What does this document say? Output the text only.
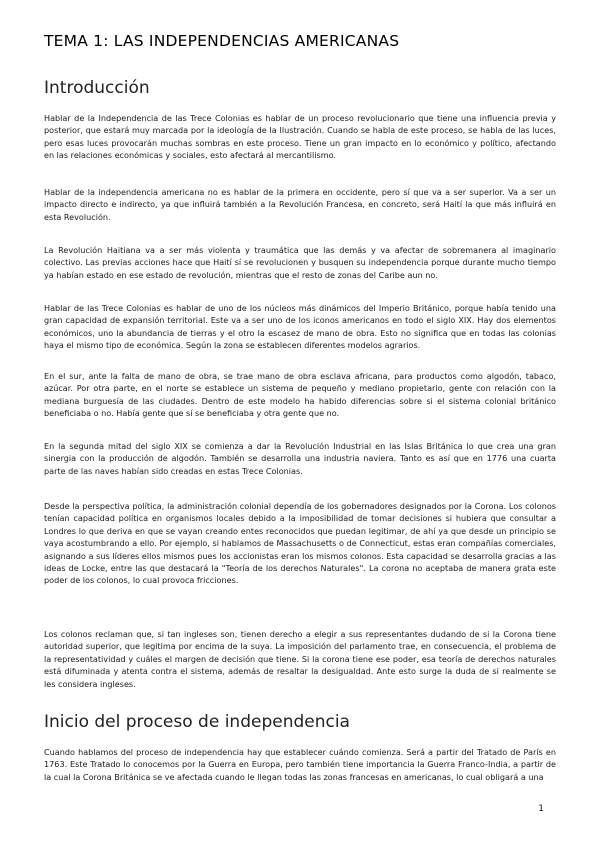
TEMA 1: LAS INDEPENDENCIAS AMERICANAS
Introducción

Hablar de la Independencia de las Trece Colonias es hablar de un proceso revolucionario que tiene una influencia previa y posterior, que estará muy marcada por la ideología de la Ilustración. Cuando se habla de este proceso, se habla de las luces, pero esas luces provocarán muchas sombras en este proceso. Tiene un gran impacto en lo económico y político, afectando en las relaciones económicas y sociales, esto afectará al mercantilismo.

Hablar de la independencia americana no es hablar de la primera en occidente, pero sí que va a ser superior. Va a ser un impacto directo e indirecto, ya que influirá también a la Revolución Francesa, en concreto, será Haití la que más influirá en esta Revolución.

La Revolución Haitiana va a ser más violenta y traumática que las demás y va afectar de sobremanera al imaginario colectivo. Las previas acciones hace que Haití sí se revolucionen y busquen su independencia porque durante mucho tiempo ya habían estado en ese estado de revolución, mientras que el resto de zonas del Caribe aun no.

Hablar de las Trece Colonias es hablar de uno de los núcleos más dinámicos del Imperio Británico, porque había tenido una gran capacidad de expansión territorial. Este va a ser uno de los iconos americanos en todo el siglo XIX. Hay dos elementos económicos, uno la abundancia de tierras y el otro la escasez de mano de obra. Esto no significa que en todas las colonias haya el mismo tipo de económica. Según la zona se establecen diferentes modelos agrarios.

En el sur, ante la falta de mano de obra, se trae mano de obra esclava africana, para productos como algodón, tabaco, azúcar. Por otra parte, en el norte se establece un sistema de pequeño y mediano propietario, gente con relación con la mediana burguesía de las ciudades. Dentro de este modelo ha habido diferencias sobre si el sistema colonial británico beneficiaba o no. Había gente que sí se beneficiaba y otra gente que no.

En la segunda mitad del siglo XIX se comienza a dar la Revolución Industrial en las Islas Británica lo que crea una gran sinergia con la producción de algodón. También se desarrolla una industria naviera. Tanto es así que en 1776 una cuarta parte de las naves habían sido creadas en estas Trece Colonias.

Desde la perspectiva política, la administración colonial dependía de los gobernadores designados por la Corona. Los colonos tenían capacidad política en organismos locales debido a la imposibilidad de tomar decisiones si hubiera que consultar a Londres lo que deriva en que se vayan creando entes reconocidos que puedan legitimar, de ahí ya que desde un principio se vaya acostumbrando a ello. Por ejemplo, si hablamos de Massachusetts o de Connecticut, estas eran compañías comerciales, asignando a sus líderes ellos mismos pues los accionistas eran los mismos colonos. Esta capacidad se desarrolla gracias a las ideas de Locke, entre las que destacará la "Teoría de los derechos Naturales". La corona no aceptaba de manera grata este poder de los colonos, lo cual provoca fricciones.

Los colonos reclaman que, si tan ingleses son, tienen derecho a elegir a sus representantes dudando de si la Corona tiene autoridad superior, que legitima por encima de la suya. La imposición del parlamento trae, en consecuencia, el problema de la representatividad y cuáles el margen de decisión que tiene. Si la corona tiene ese poder, esa teoría de derechos naturales está difuminada y atenta contra el sistema, además de resaltar la desigualdad. Ante esto surge la duda de si realmente se les considera ingleses.

Inicio del proceso de independencia

Cuando hablamos del proceso de independencia hay que establecer cuándo comienza. Será a partir del Tratado de París en 1763. Este Tratado lo conocemos por la Guerra en Europa, pero también tiene importancia la Guerra Franco-India, a partir de la cual la Corona Británica se ve afectada cuando le llegan todas las zonas francesas en americanas, lo cual obligará a una

1
